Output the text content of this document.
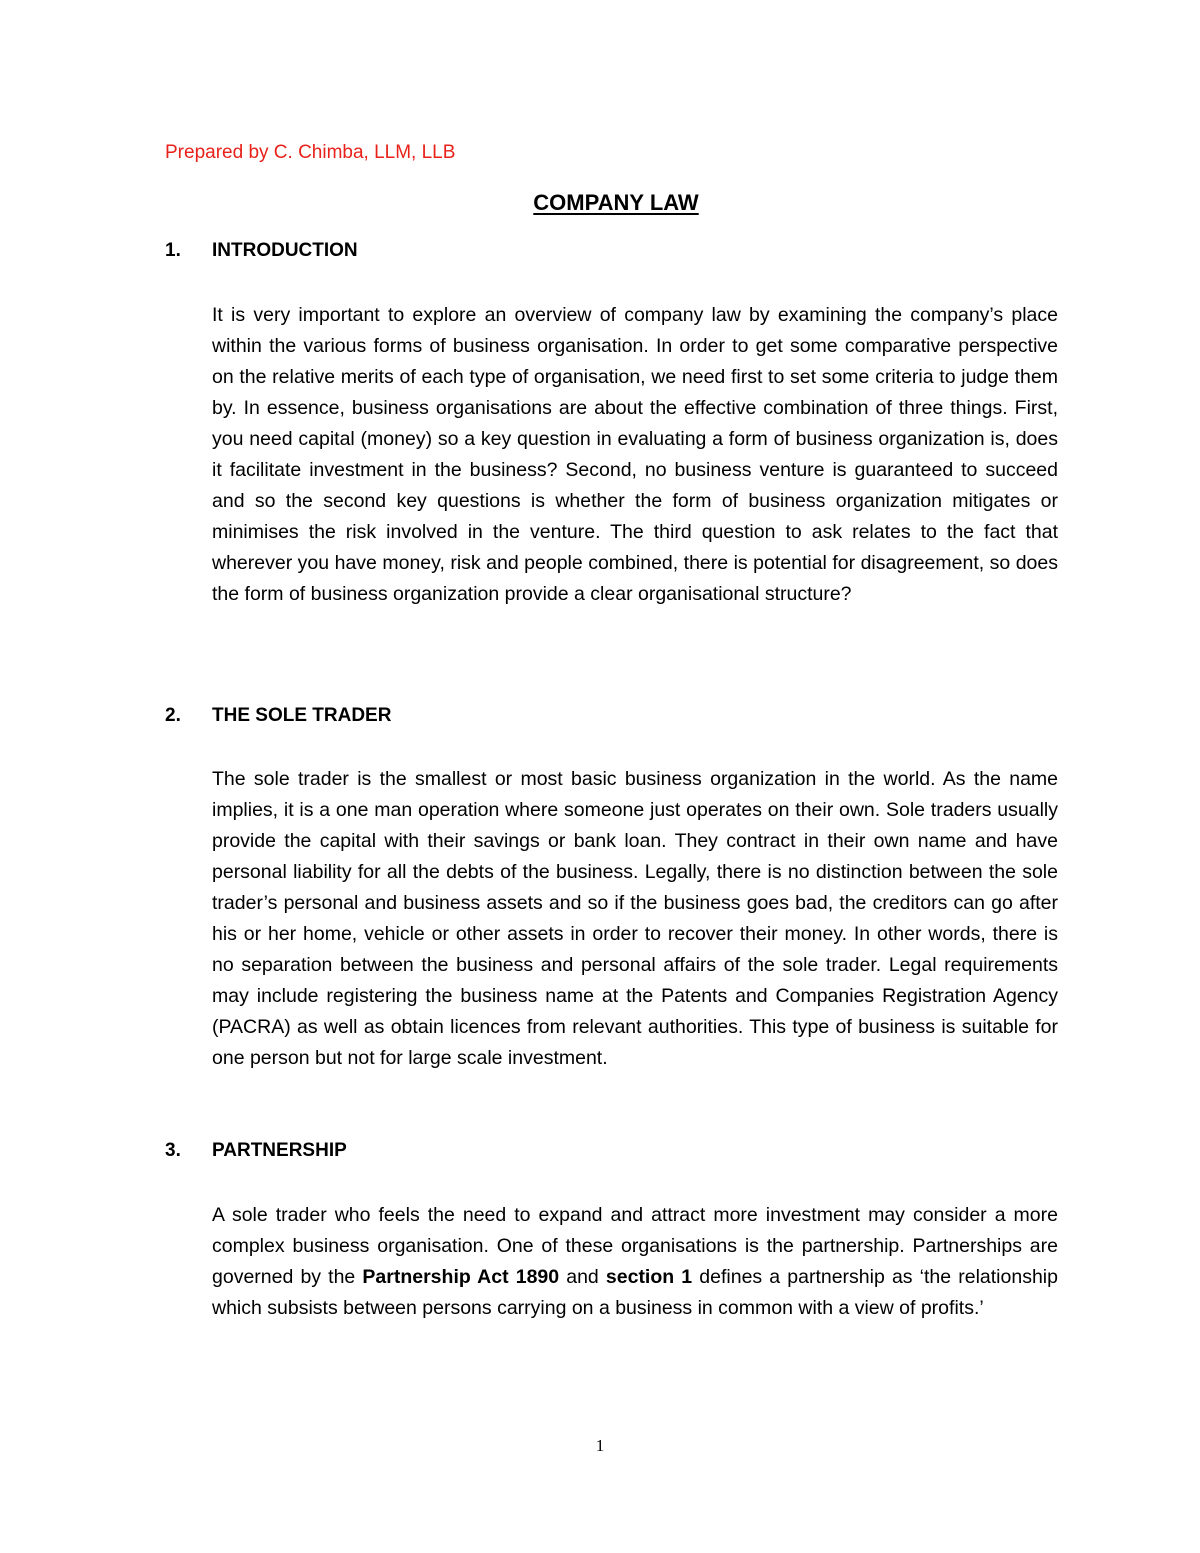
Prepared by C. Chimba, LLM, LLB
COMPANY LAW
1.	INTRODUCTION

It is very important to explore an overview of company law by examining the company’s place within the various forms of business organisation. In order to get some comparative perspective on the relative merits of each type of organisation, we need first to set some criteria to judge them by. In essence, business organisations are about the effective combination of three things. First, you need capital (money) so a key question in evaluating a form of business organization is, does it facilitate investment in the business? Second, no business venture is guaranteed to succeed and so the second key questions is whether the form of business organization mitigates or minimises the risk involved in the venture. The third question to ask relates to the fact that wherever you have money, risk and people combined, there is potential for disagreement, so does the form of business organization provide a clear organisational structure?

2.	THE SOLE TRADER

The sole trader is the smallest or most basic business organization in the world. As the name implies, it is a one man operation where someone just operates on their own. Sole traders usually provide the capital with their savings or bank loan. They contract in their own name and have personal liability for all the debts of the business. Legally, there is no distinction between the sole trader’s personal and business assets and so if the business goes bad, the creditors can go after his or her home, vehicle or other assets in order to recover their money. In other words, there is no separation between the business and personal affairs of the sole trader. Legal requirements may include registering the business name at the Patents and Companies Registration Agency (PACRA) as well as obtain licences from relevant authorities. This type of business is suitable for one person but not for large scale investment.

3.	PARTNERSHIP

A sole trader who feels the need to expand and attract more investment may consider a more complex business organisation. One of these organisations is the partnership. Partnerships are governed by the Partnership Act 1890 and section 1 defines a partnership as ‘the relationship which subsists between persons carrying on a business in common with a view of profits.’

1
